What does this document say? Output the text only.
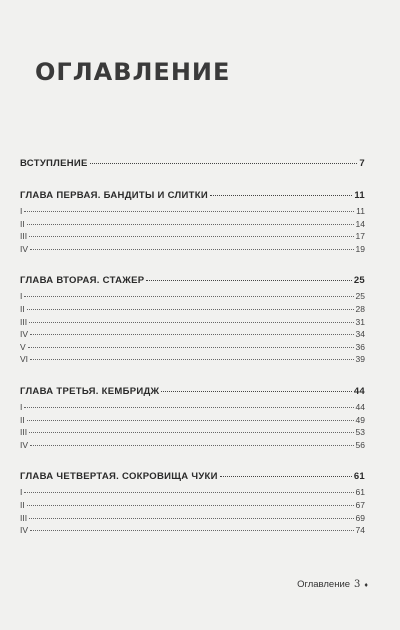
ОГЛАВЛЕНИЕ
ВСТУПЛЕНИЕ	7
ГЛАВА ПЕРВАЯ. БАНДИТЫ И СЛИТКИ	11
I	11
II	14
III	17
IV	19
ГЛАВА ВТОРАЯ. СТАЖЕР	25
I	25
II	28
III	31
IV	34
V	36
VI	39
ГЛАВА ТРЕТЬЯ. КЕМБРИДЖ	44
I	44
II	49
III	53
IV	56
ГЛАВА ЧЕТВЕРТАЯ. СОКРОВИЩА ЧУКИ	61
I	61
II	67
III	69
IV	74
Оглавление 3 ♦
